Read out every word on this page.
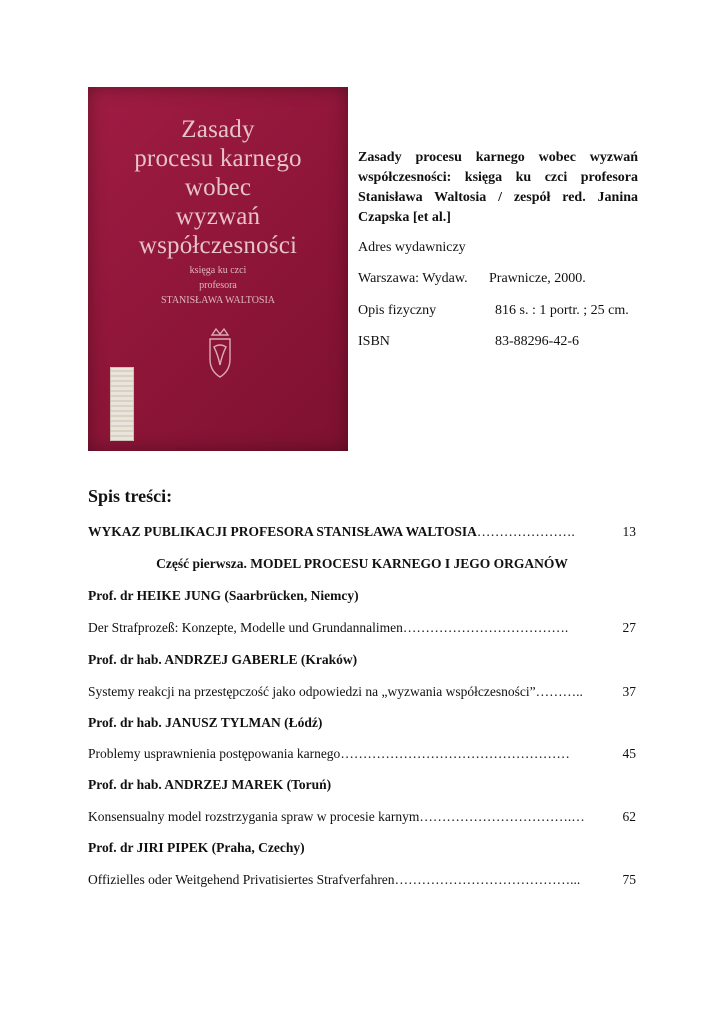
Zasady
procesu karnego
wobec
wyzwań
współczesności
księga ku czci
profesora
STANISŁAWA WALTOSIA
Zasady procesu karnego wobec wyzwań współczesności: księga ku czci profesora Stanisława Waltosia / zespół red. Janina Czapska [et al.]
Adres wydawniczy
Warszawa: Wydaw. Prawnicze, 2000.
Opis fizyczny	816 s. : 1 portr. ; 25 cm.
ISBN	83-88296-42-6
Spis treści:
WYKAZ PUBLIKACJI PROFESORA STANISŁAWA WALTOSIA ………………….	13
Część pierwsza. MODEL PROCESU KARNEGO I JEGO ORGANÓW
Prof. dr HEIKE JUNG (Saarbrücken, Niemcy)
Der Strafprozeß: Konzepte, Modelle und Grundannalimen ……………………………….	27
Prof. dr hab. ANDRZEJ GABERLE (Kraków)
Systemy reakcji na przestępczość jako odpowiedzi na „wyzwania współczesności” ………..	37
Prof. dr hab. JANUSZ TYLMAN (Łódź)
Problemy usprawnienia postępowania karnego ……………………………………………	45
Prof. dr hab. ANDRZEJ MAREK (Toruń)
Konsensualny model rozstrzygania spraw w procesie karnym …………………………….…	62
Prof. dr JIRI PIPEK (Praha, Czechy)
Offizielles oder Weitgehend Privatisiertes Strafverfahren …………………………………...	75
